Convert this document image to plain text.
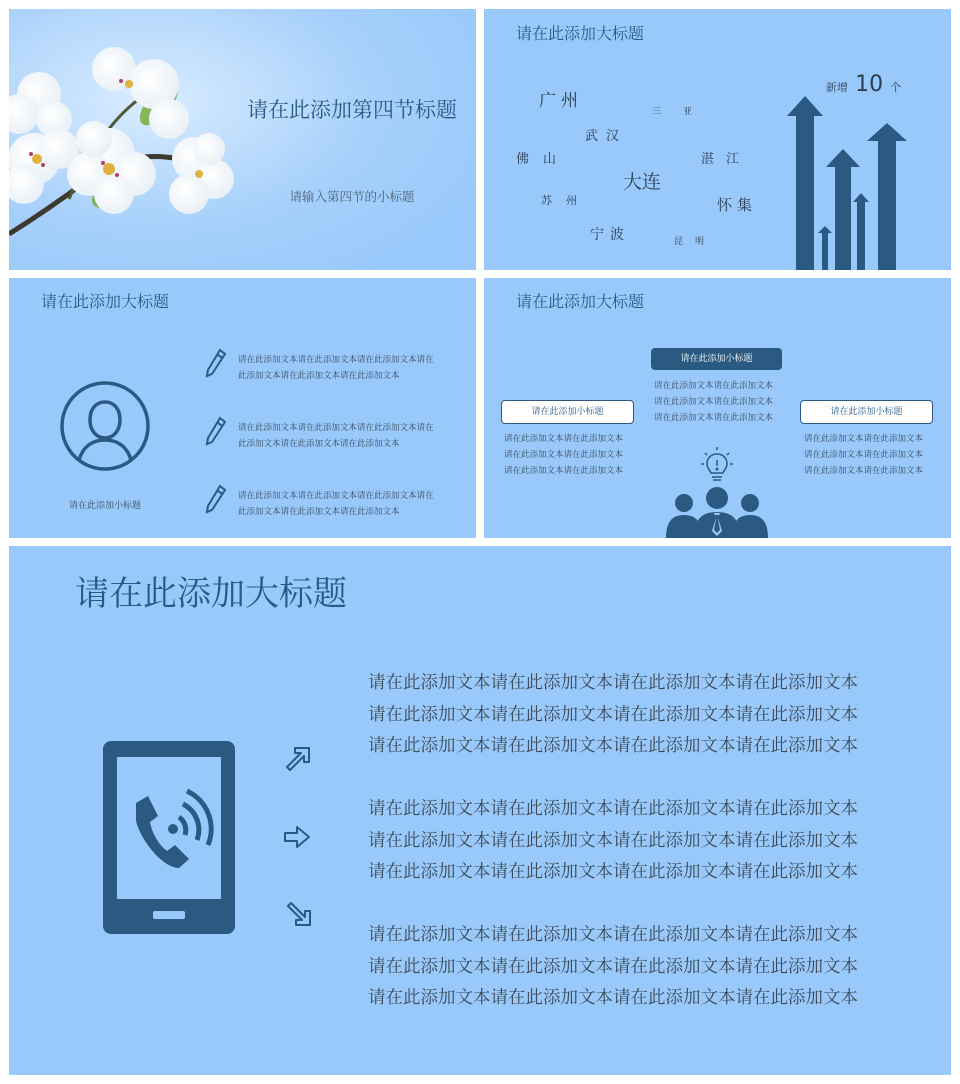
请在此添加第四节标题
请输入第四节的小标题
请在此添加大标题
广州
三亚
武汉
佛山	湛江
大连
苏州	怀集
宁波	昆明
新增 10 个
请在此添加大标题
请在此添加小标题
请在此添加文本请在此添加文本请在此添加文本请在此添加文本请在此添加文本请在此添加文本
请在此添加文本请在此添加文本请在此添加文本请在此添加文本请在此添加文本请在此添加文本
请在此添加文本请在此添加文本请在此添加文本请在此添加文本请在此添加文本请在此添加文本
请在此添加大标题
请在此添加小标题
请在此添加文本请在此添加文本
请在此添加文本请在此添加文本
请在此添加文本请在此添加文本
请在此添加小标题
请在此添加文本请在此添加文本
请在此添加文本请在此添加文本
请在此添加文本请在此添加文本
请在此添加小标题
请在此添加文本请在此添加文本
请在此添加文本请在此添加文本
请在此添加文本请在此添加文本
请在此添加大标题
请在此添加文本请在此添加文本请在此添加文本请在此添加文本
请在此添加文本请在此添加文本请在此添加文本请在此添加文本
请在此添加文本请在此添加文本请在此添加文本请在此添加文本
请在此添加文本请在此添加文本请在此添加文本请在此添加文本
请在此添加文本请在此添加文本请在此添加文本请在此添加文本
请在此添加文本请在此添加文本请在此添加文本请在此添加文本
请在此添加文本请在此添加文本请在此添加文本请在此添加文本
请在此添加文本请在此添加文本请在此添加文本请在此添加文本
请在此添加文本请在此添加文本请在此添加文本请在此添加文本
